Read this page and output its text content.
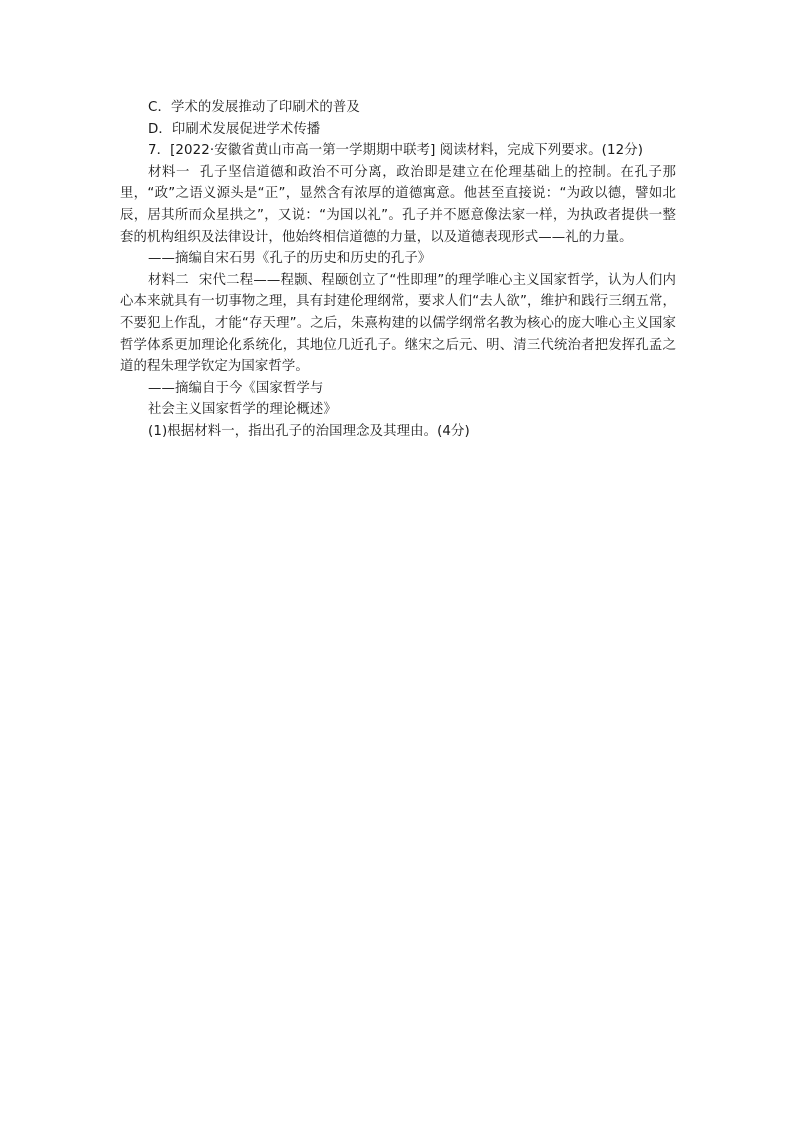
C．学术的发展推动了印刷术的普及
D．印刷术发展促进学术传播
7．[2022·安徽省黄山市高一第一学期期中联考] 阅读材料，完成下列要求。(12分)

材料一 孔子坚信道德和政治不可分离，政治即是建立在伦理基础上的控制。在孔子那里，“政”之语义源头是“正”，显然含有浓厚的道德寓意。他甚至直接说：“为政以德，譬如北辰，居其所而众星拱之”，又说：“为国以礼”。孔子并不愿意像法家一样，为执政者提供一整套的机构组织及法律设计，他始终相信道德的力量，以及道德表现形式——礼的力量。

——摘编自宋石男《孔子的历史和历史的孔子》

材料二 宋代二程——程颢、程颐创立了“性即理”的理学唯心主义国家哲学，认为人们内心本来就具有一切事物之理，具有封建伦理纲常，要求人们“去人欲”，维护和践行三纲五常，不要犯上作乱，才能“存天理”。之后，朱熹构建的以儒学纲常名教为核心的庞大唯心主义国家哲学体系更加理论化系统化，其地位几近孔子。继宋之后元、明、清三代统治者把发挥孔孟之道的程朱理学钦定为国家哲学。

——摘编自于今《国家哲学与
社会主义国家哲学的理论概述》
(1)根据材料一，指出孔子的治国理念及其理由。(4分)
